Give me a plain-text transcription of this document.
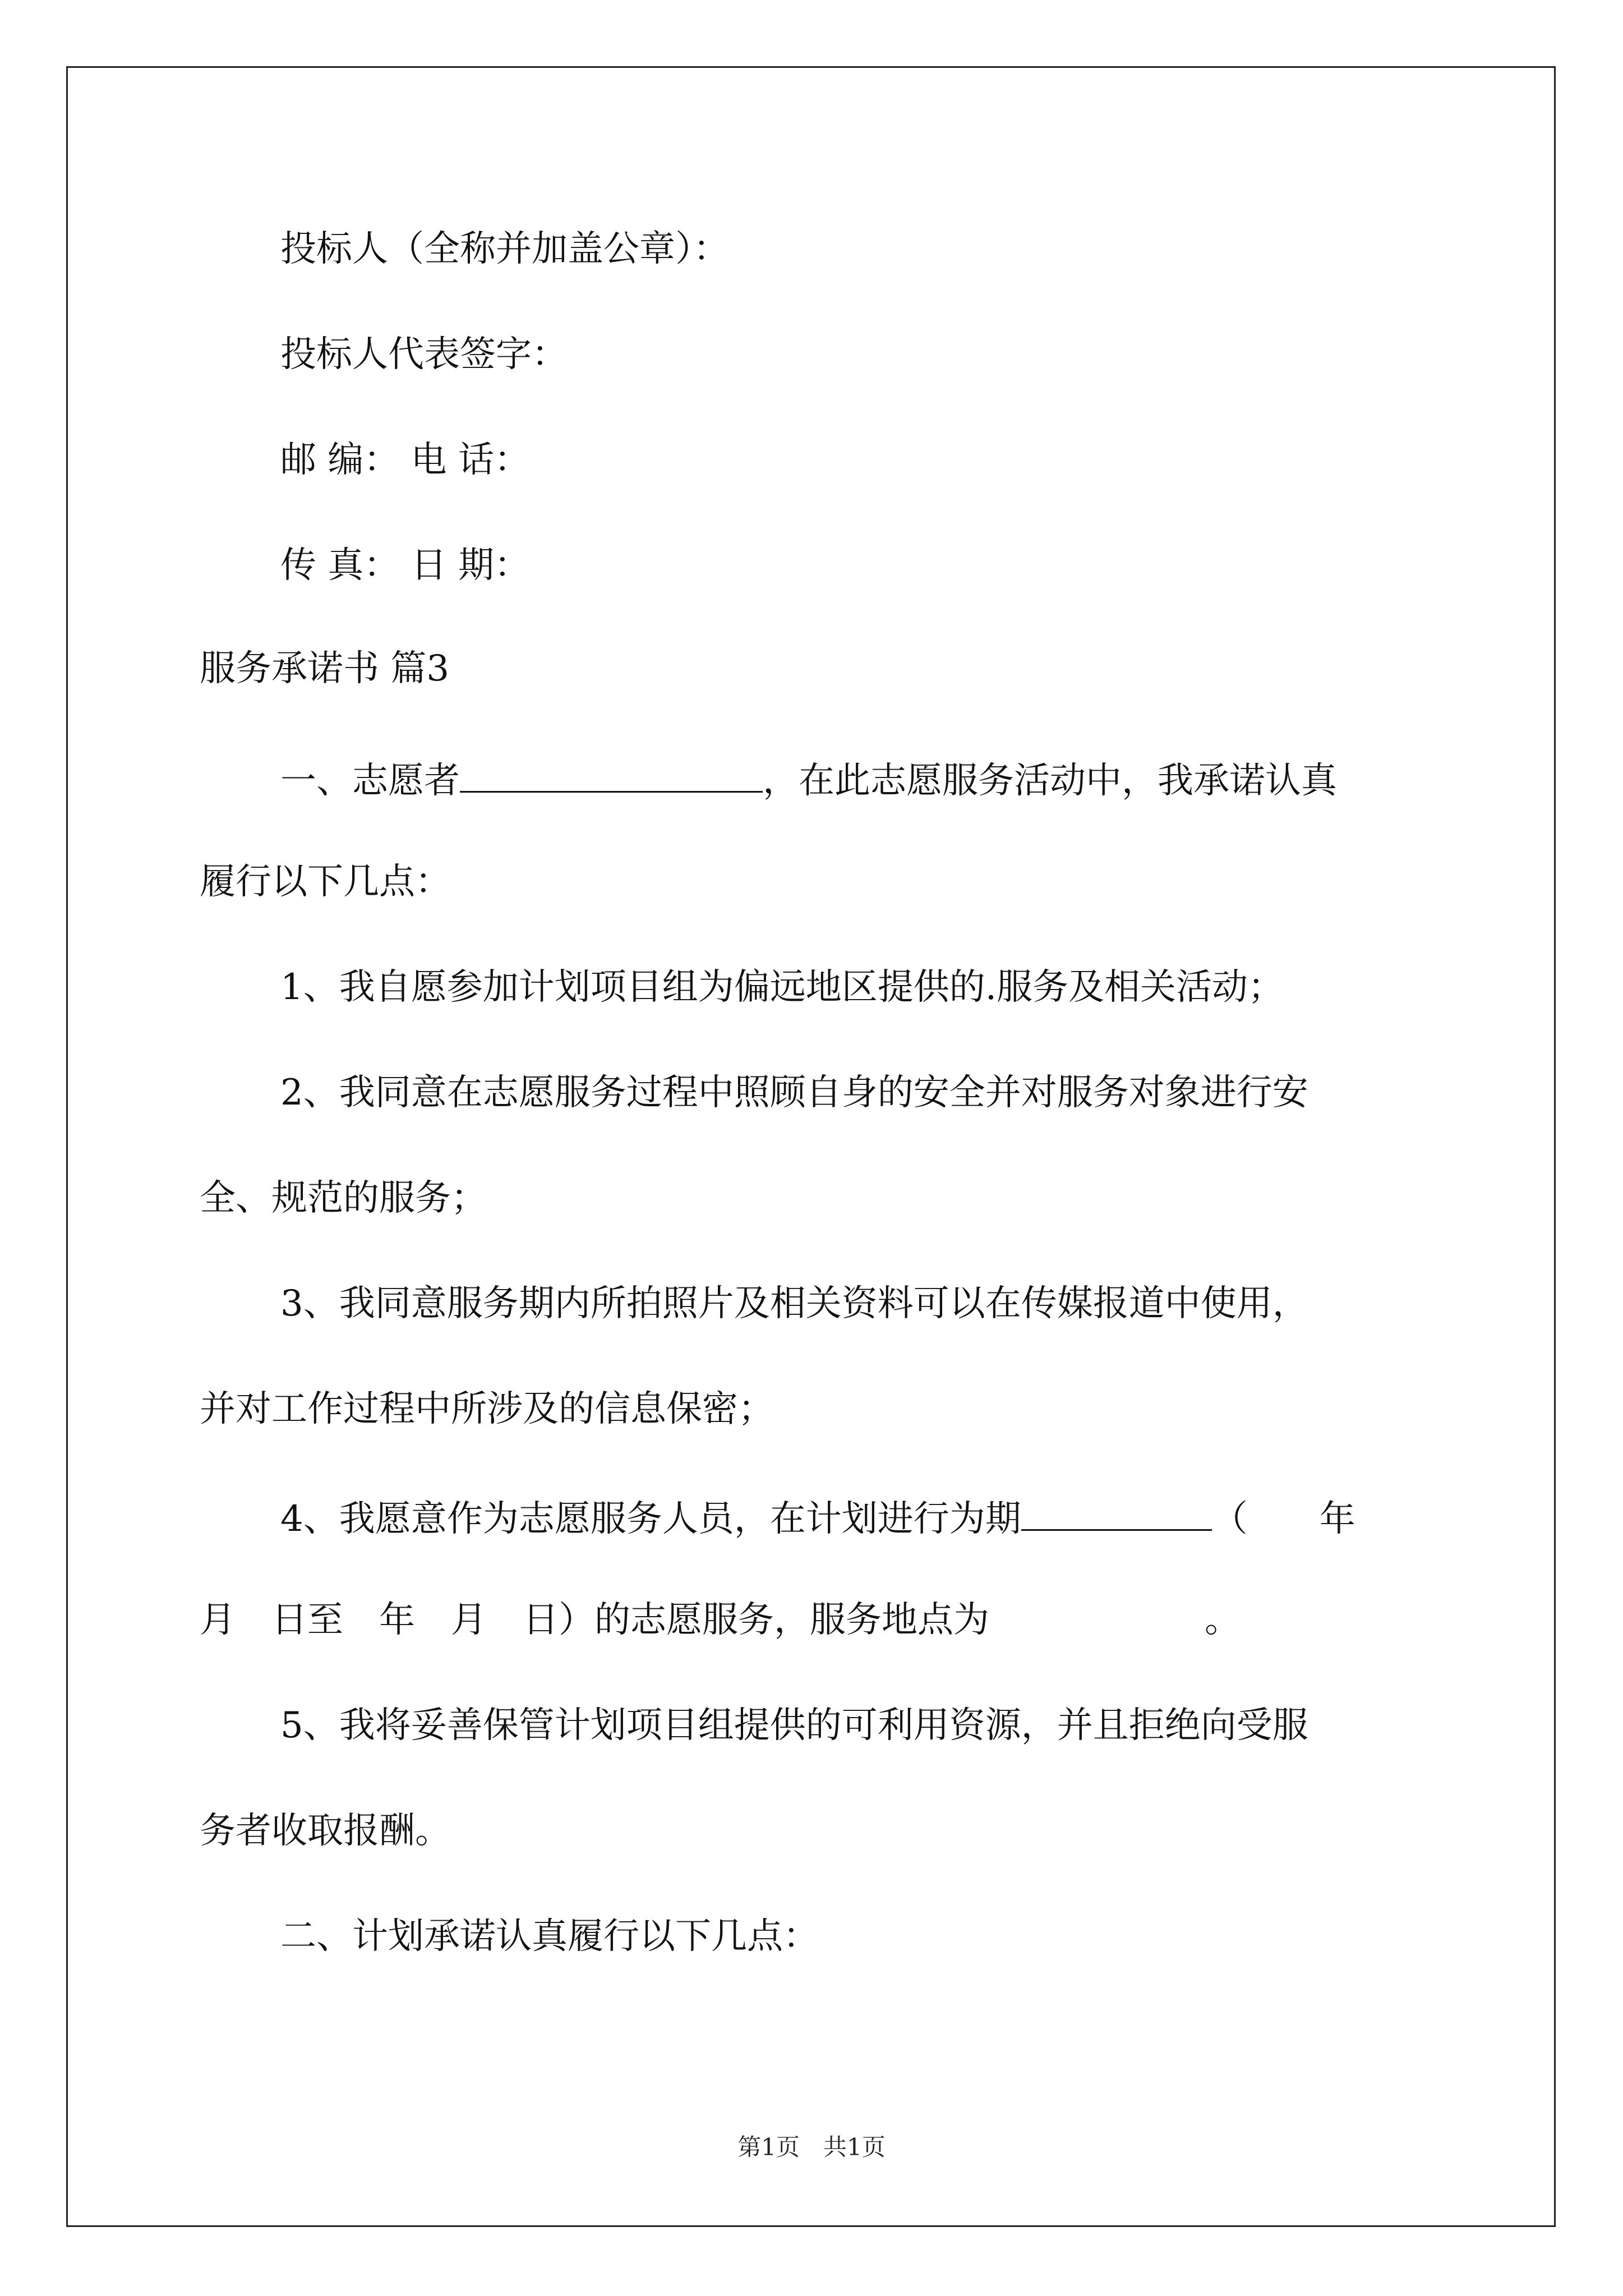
投标人（全称并加盖公章）：
投标人代表签字：
邮 编： 电 话：
传 真： 日 期：
服务承诺书 篇3
一、志愿者	，在此志愿服务活动中，我承诺认真
履行以下几点：
1、我自愿参加计划项目组为偏远地区提供的.服务及相关活动；
2、我同意在志愿服务过程中照顾自身的安全并对服务对象进行安
全、规范的服务；
3、我同意服务期内所拍照片及相关资料可以在传媒报道中使用，
并对工作过程中所涉及的信息保密；
4、我愿意作为志愿服务人员，在计划进行为期	（　　年
月　日至　年　月　日）的志愿服务，服务地点为　　　　　　。
5、我将妥善保管计划项目组提供的可利用资源，并且拒绝向受服
务者收取报酬。
二、计划承诺认真履行以下几点：
第1页　共1页
